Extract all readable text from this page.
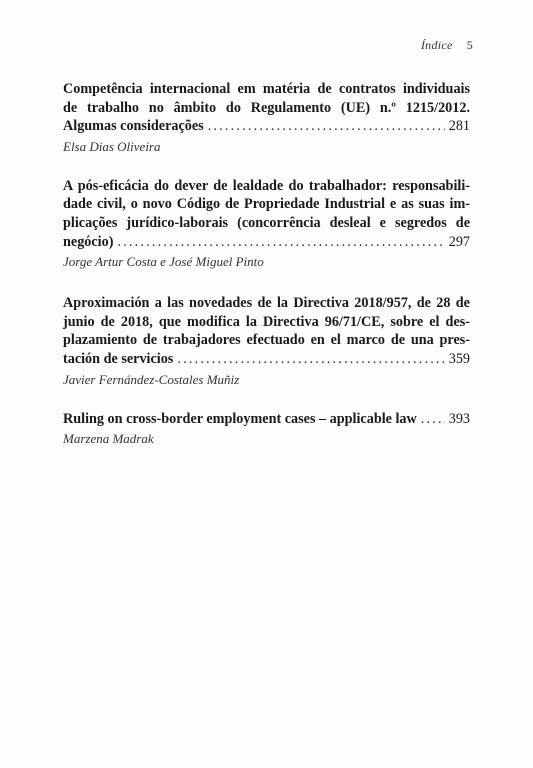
Índice 5
Competência internacional em matéria de contratos individuais
de trabalho no âmbito do Regulamento (UE) n.º 1215/2012.
Algumas considerações .....	281
Elsa Dias Oliveira
A pós-eficácia do dever de lealdade do trabalhador: responsabili-
dade civil, o novo Código de Propriedade Industrial e as suas im-
plicações jurídico-laborais (concorrência desleal e segredos de
negócio) .....	297
Jorge Artur Costa e José Miguel Pinto
Aproximación a las novedades de la Directiva 2018/957, de 28 de
junio de 2018, que modifica la Directiva 96/71/CE, sobre el des-
plazamiento de trabajadores efectuado en el marco de una pres-
tación de servicios .....	359
Javier Fernández-Costales Muñiz
Ruling on cross-border employment cases – applicable law ..... 393
Marzena Madrak
